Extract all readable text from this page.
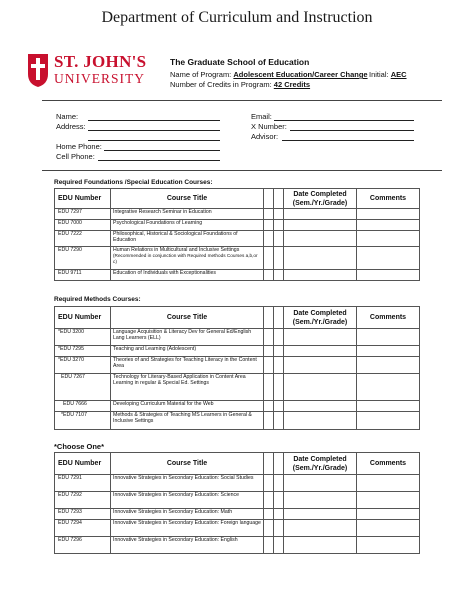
Department of Curriculum and Instruction
ST. JOHN'S
UNIVERSITY
The Graduate School of Education
Name of Program: Adolescent Education/Career Change
Number of Credits in Program: 42 Credits
Initial: AEC
Name:
Address:
Home Phone:
Cell Phone:
Email:
X Number:
Advisor:
Required Foundations /Special Education Courses:
EDU Number	Course Title			Date Completed (Sem./Yr./Grade)	Comments
EDU 7297	Integrative Research Seminar in Education				
EDU 7000	Psychological Foundations of Learning				
EDU 7222	Philosophical, Historical & Sociological Foundations of Education				
EDU 7290	Human Relations in Multicultural and Inclusive Settings
(Recommended in conjunction with Required methods Courses a,b,or c)				

EDU 9711	Education of Individuals with Exceptionalities				
Required Methods Courses:
EDU Number	Course Title			Date Completed (Sem./Yr./Grade)	Comments
*EDU 3200	Language Acquisition & Literacy Dev for General Ed/English Lang Learners (ELL)				
*EDU 7295	Teaching and Learning (Adolescent)				
*EDU 3270	Theories of and Strategies for Teaching Literacy in the Content Area				
EDU 7267	Technology for Literary-Based Application in Content Area Learning in regular & Special Ed. Settings				
EDU 7666	Developing Curriculum Material for the Web				
*EDU 7107	Methods & Strategies of Teaching MS Learners in General & Inclusive Settings				
*Choose One*
EDU Number	Course Title			Date Completed (Sem./Yr./Grade)	Comments
EDU 7291	Innovative Strategies in Secondary Education: Social Studies				
EDU 7292	Innovative Strategies in Secondary Education: Science				
EDU 7293	Innovative Strategies in Secondary Education: Math				
EDU 7294	Innovative Strategies in Secondary Education: Foreign language				
EDU 7296	Innovative Strategies in Secondary Education: English				
